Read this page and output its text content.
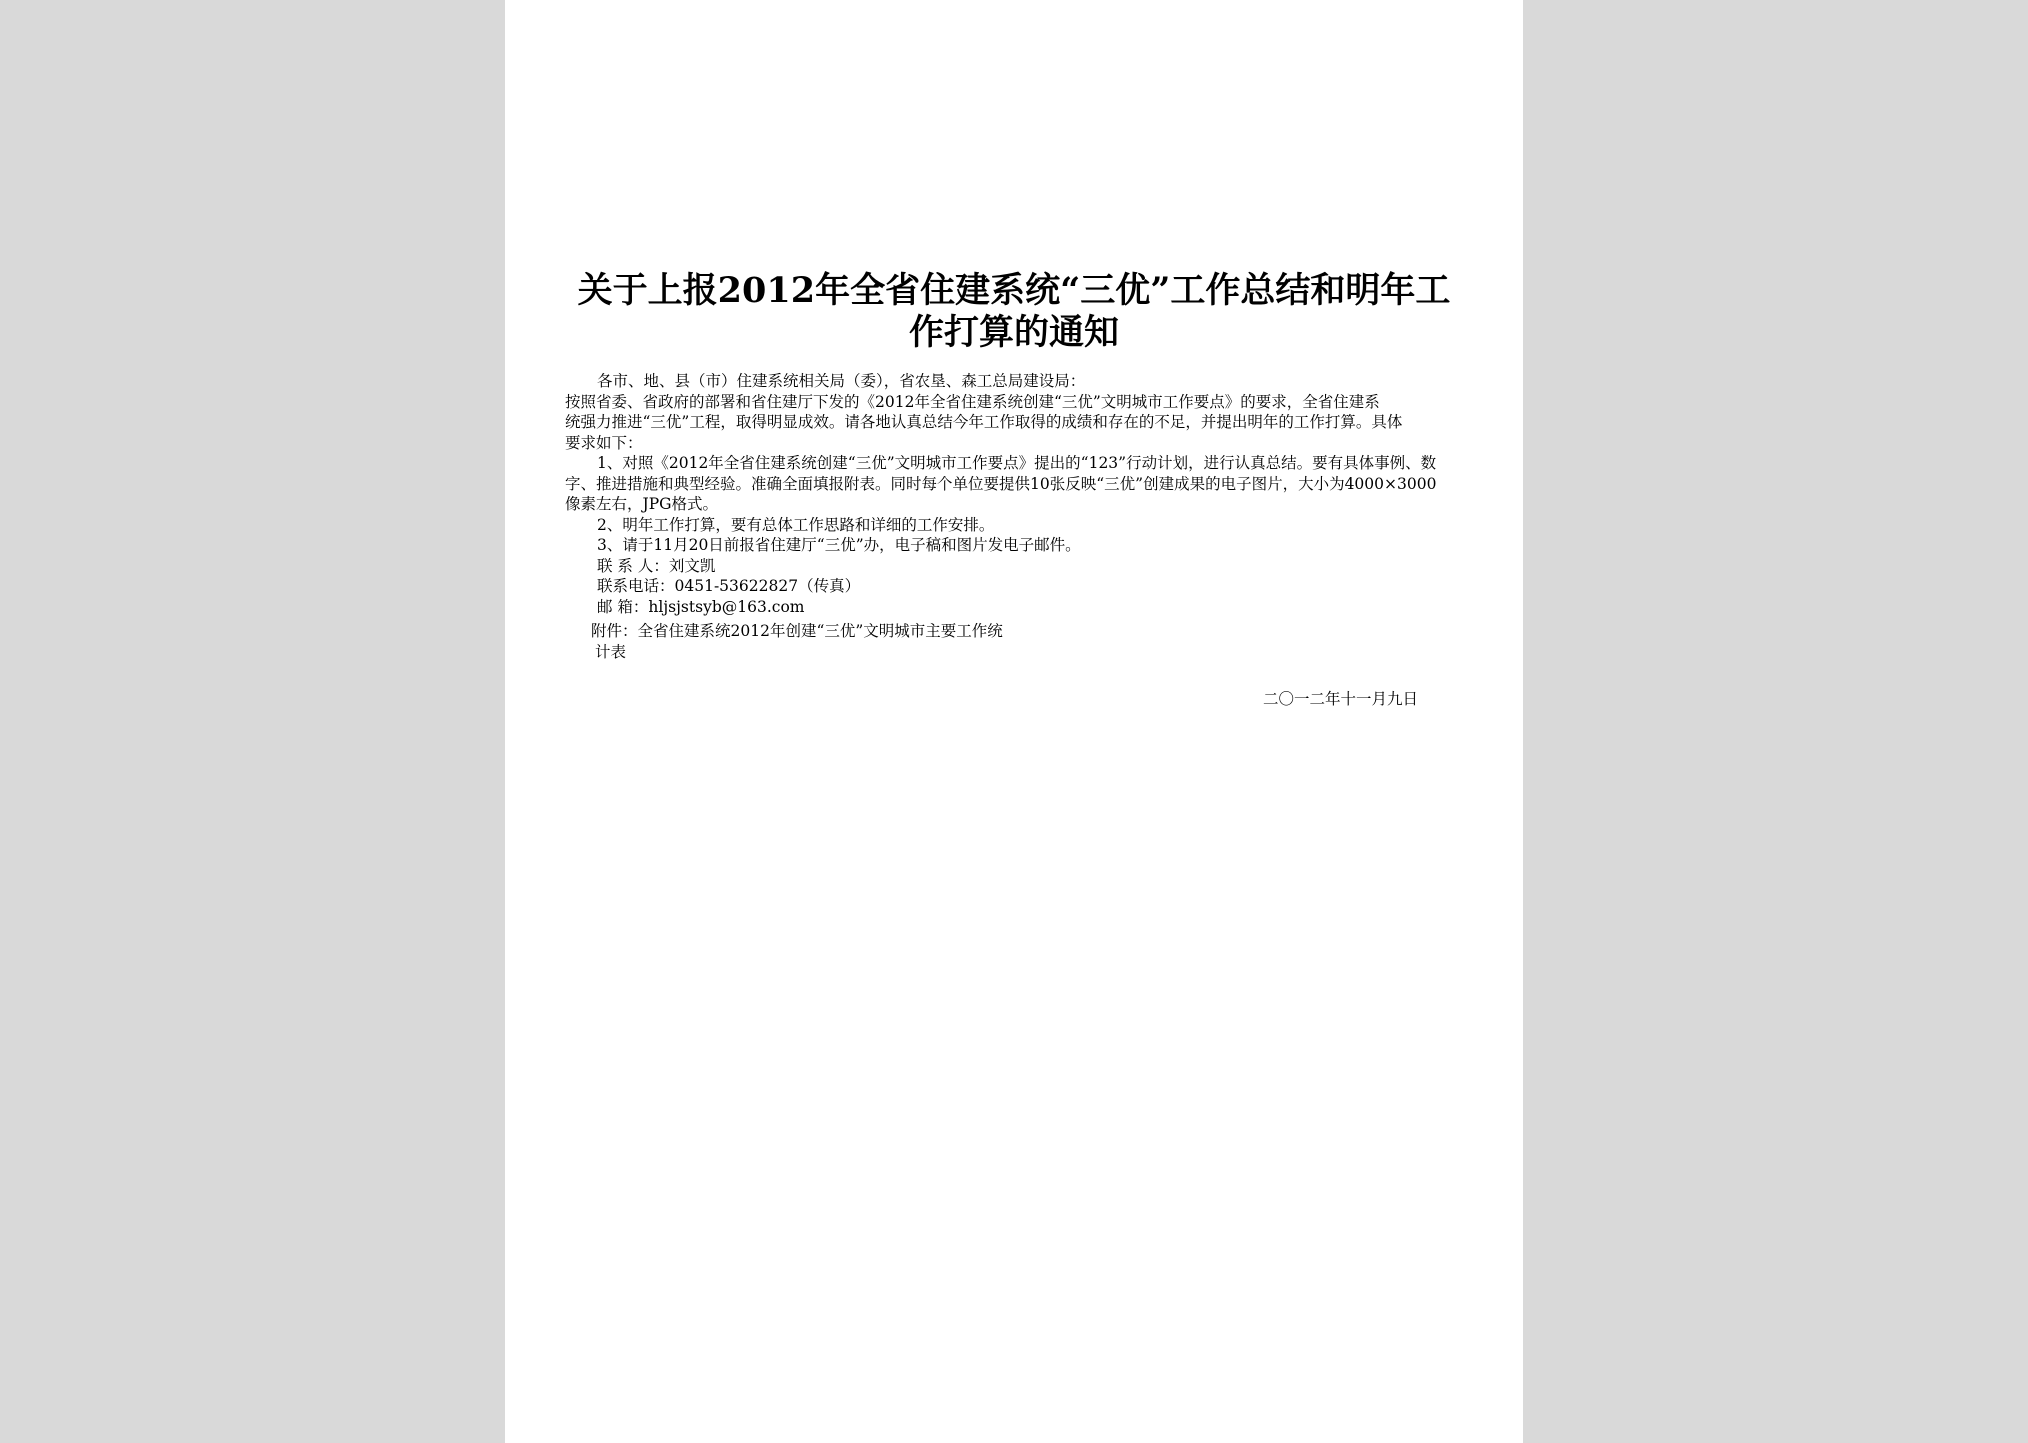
关于上报2012年全省住建系统“三优”工作总结和明年工
作打算的通知

各市、地、县（市）住建系统相关局（委），省农垦、森工总局建设局：

按照省委、省政府的部署和省住建厅下发的《2012年全省住建系统创建“三优”文明城市工作要点》的要求，全省住建系
统强力推进“三优”工程，取得明显成效。请各地认真总结今年工作取得的成绩和存在的不足，并提出明年的工作打算。具体
要求如下：
1、对照《2012年全省住建系统创建“三优”文明城市工作要点》提出的“123”行动计划，进行认真总结。要有具体事例、数
字、推进措施和典型经验。准确全面填报附表。同时每个单位要提供10张反映“三优”创建成果的电子图片，大小为4000×3000
像素左右，JPG格式。
2、明年工作打算，要有总体工作思路和详细的工作安排。
3、请于11月20日前报省住建厅“三优”办，电子稿和图片发电子邮件。
联 系 人：刘文凯
联系电话：0451-53622827（传真）
邮 箱：hljsjstsyb@163.com
附件：全省住建系统2012年创建“三优”文明城市主要工作统
计表
二〇一二年十一月九日
